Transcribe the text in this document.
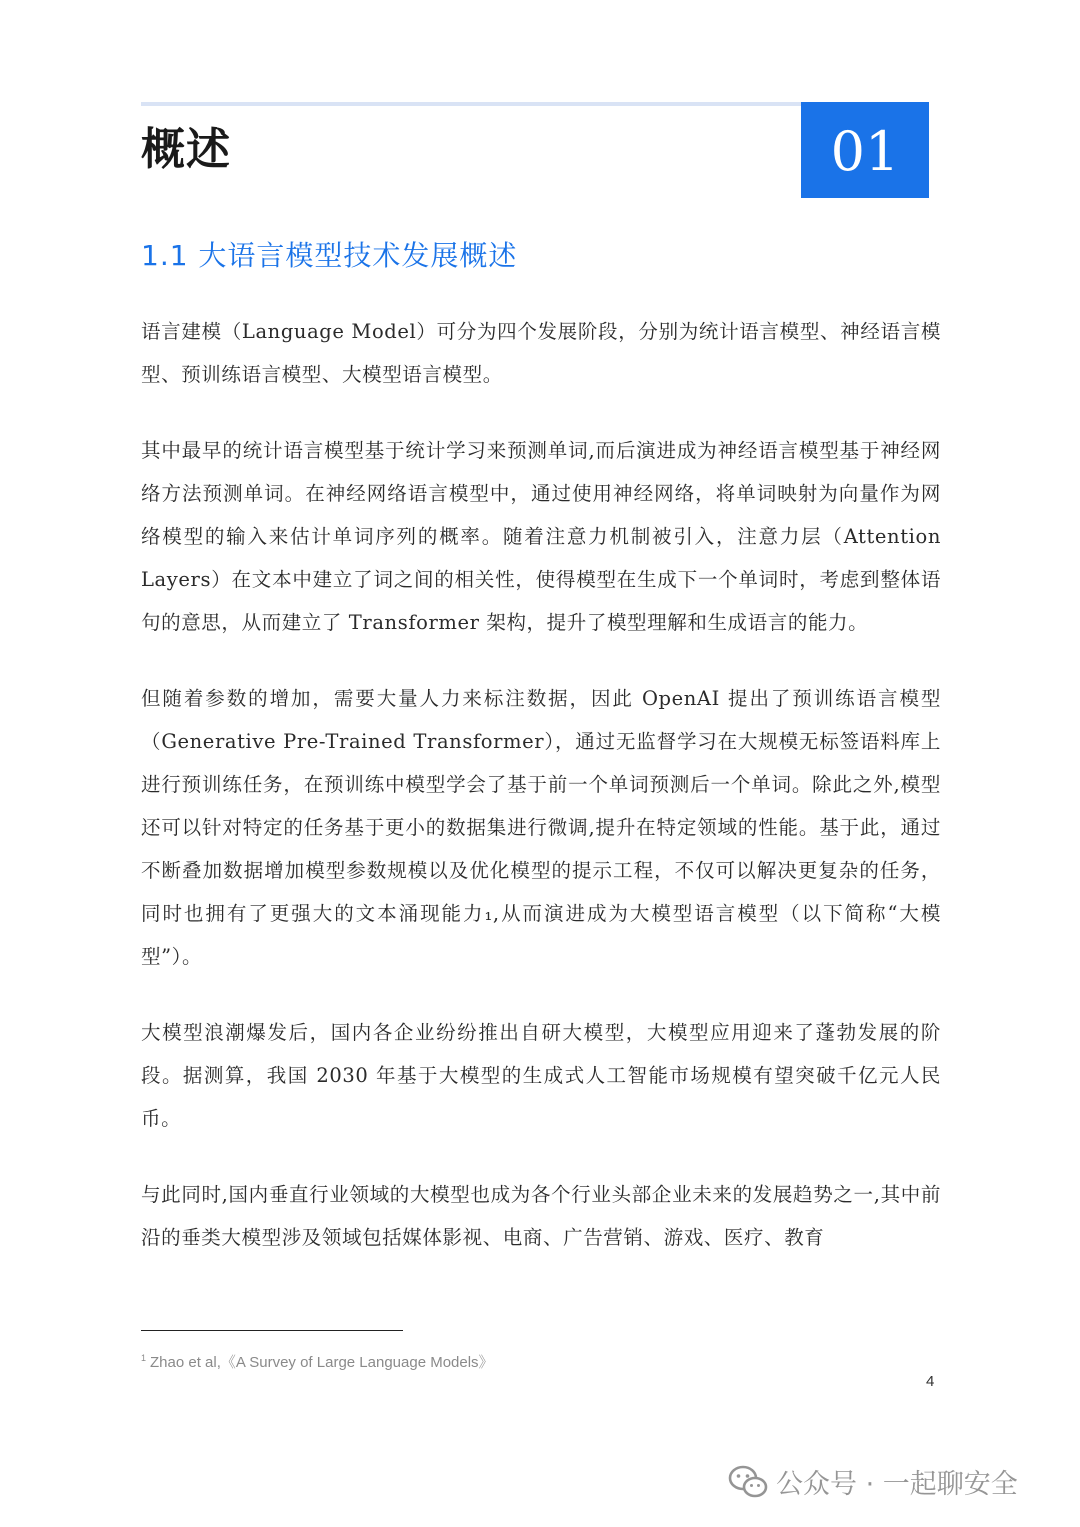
概述	01
1.1 大语言模型技术发展概述

语言建模（Language Model）可分为四个发展阶段，分别为统计语言模型、神经语言模型、预训练语言模型、大模型语言模型。

其中最早的统计语言模型基于统计学习来预测单词,而后演进成为神经语言模型基于神经网络方法预测单词。在神经网络语言模型中，通过使用神经网络，将单词映射为向量作为网络模型的输入来估计单词序列的概率。随着注意力机制被引入，注意力层（Attention Layers）在文本中建立了词之间的相关性，使得模型在生成下一个单词时，考虑到整体语句的意思，从而建立了 Transformer 架构，提升了模型理解和生成语言的能力。

但随着参数的增加，需要大量人力来标注数据，因此 OpenAI 提出了预训练语言模型（Generative Pre-Trained Transformer），通过无监督学习在大规模无标签语料库上进行预训练任务，在预训练中模型学会了基于前一个单词预测后一个单词。除此之外,模型还可以针对特定的任务基于更小的数据集进行微调,提升在特定领域的性能。基于此，通过不断叠加数据增加模型参数规模以及优化模型的提示工程，不仅可以解决更复杂的任务，同时也拥有了更强大的文本涌现能力₁,从而演进成为大模型语言模型（以下简称“大模型”）。

大模型浪潮爆发后，国内各企业纷纷推出自研大模型，大模型应用迎来了蓬勃发展的阶段。据测算，我国 2030 年基于大模型的生成式人工智能市场规模有望突破千亿元人民币。

与此同时,国内垂直行业领域的大模型也成为各个行业头部企业未来的发展趋势之一,其中前沿的垂类大模型涉及领域包括媒体影视、电商、广告营销、游戏、医疗、教育

$^1$ Zhao et al,《A Survey of Large Language Models》
4
公众号 · 一起聊安全
